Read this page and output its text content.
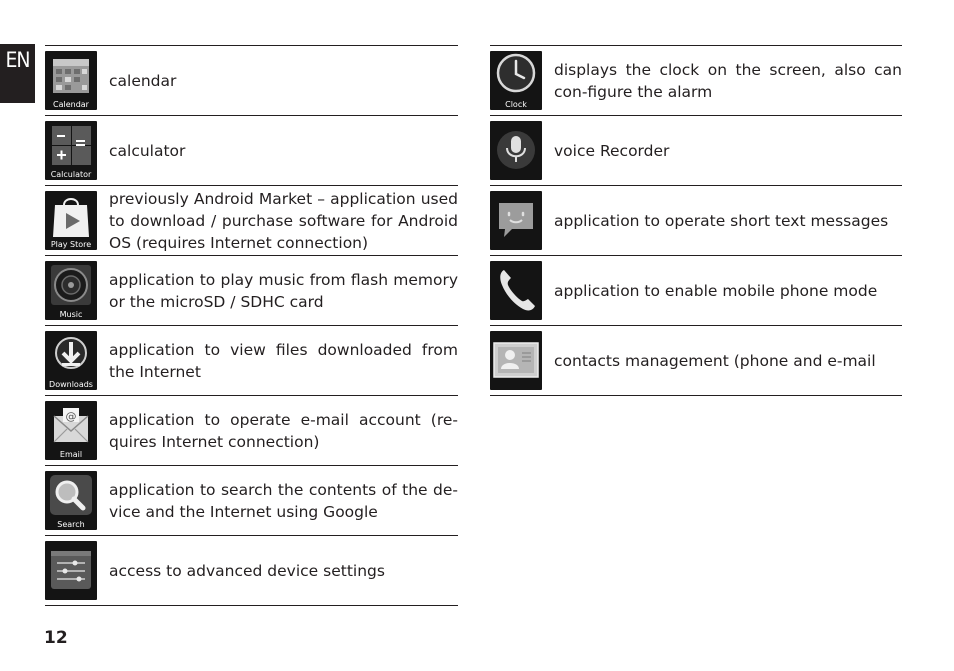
EN
Calendar
calendar
Calculator
calculator
Play Store
previously Android Market – application used to download / purchase software for Android OS (requires Internet connection)
Music
application to play music from flash memory or the microSD / SDHC card
Downloads
application to view files downloaded from the Internet
@
Email
application to operate e-mail account (re-quires Internet connection)
Search
application to search the contents of the de-vice and the Internet using Google
access to advanced device settings
Clock
displays the clock on the screen, also can con-figure the alarm
voice Recorder
application to operate short text messages
application to enable mobile phone mode
contacts management (phone and e-mail
12
